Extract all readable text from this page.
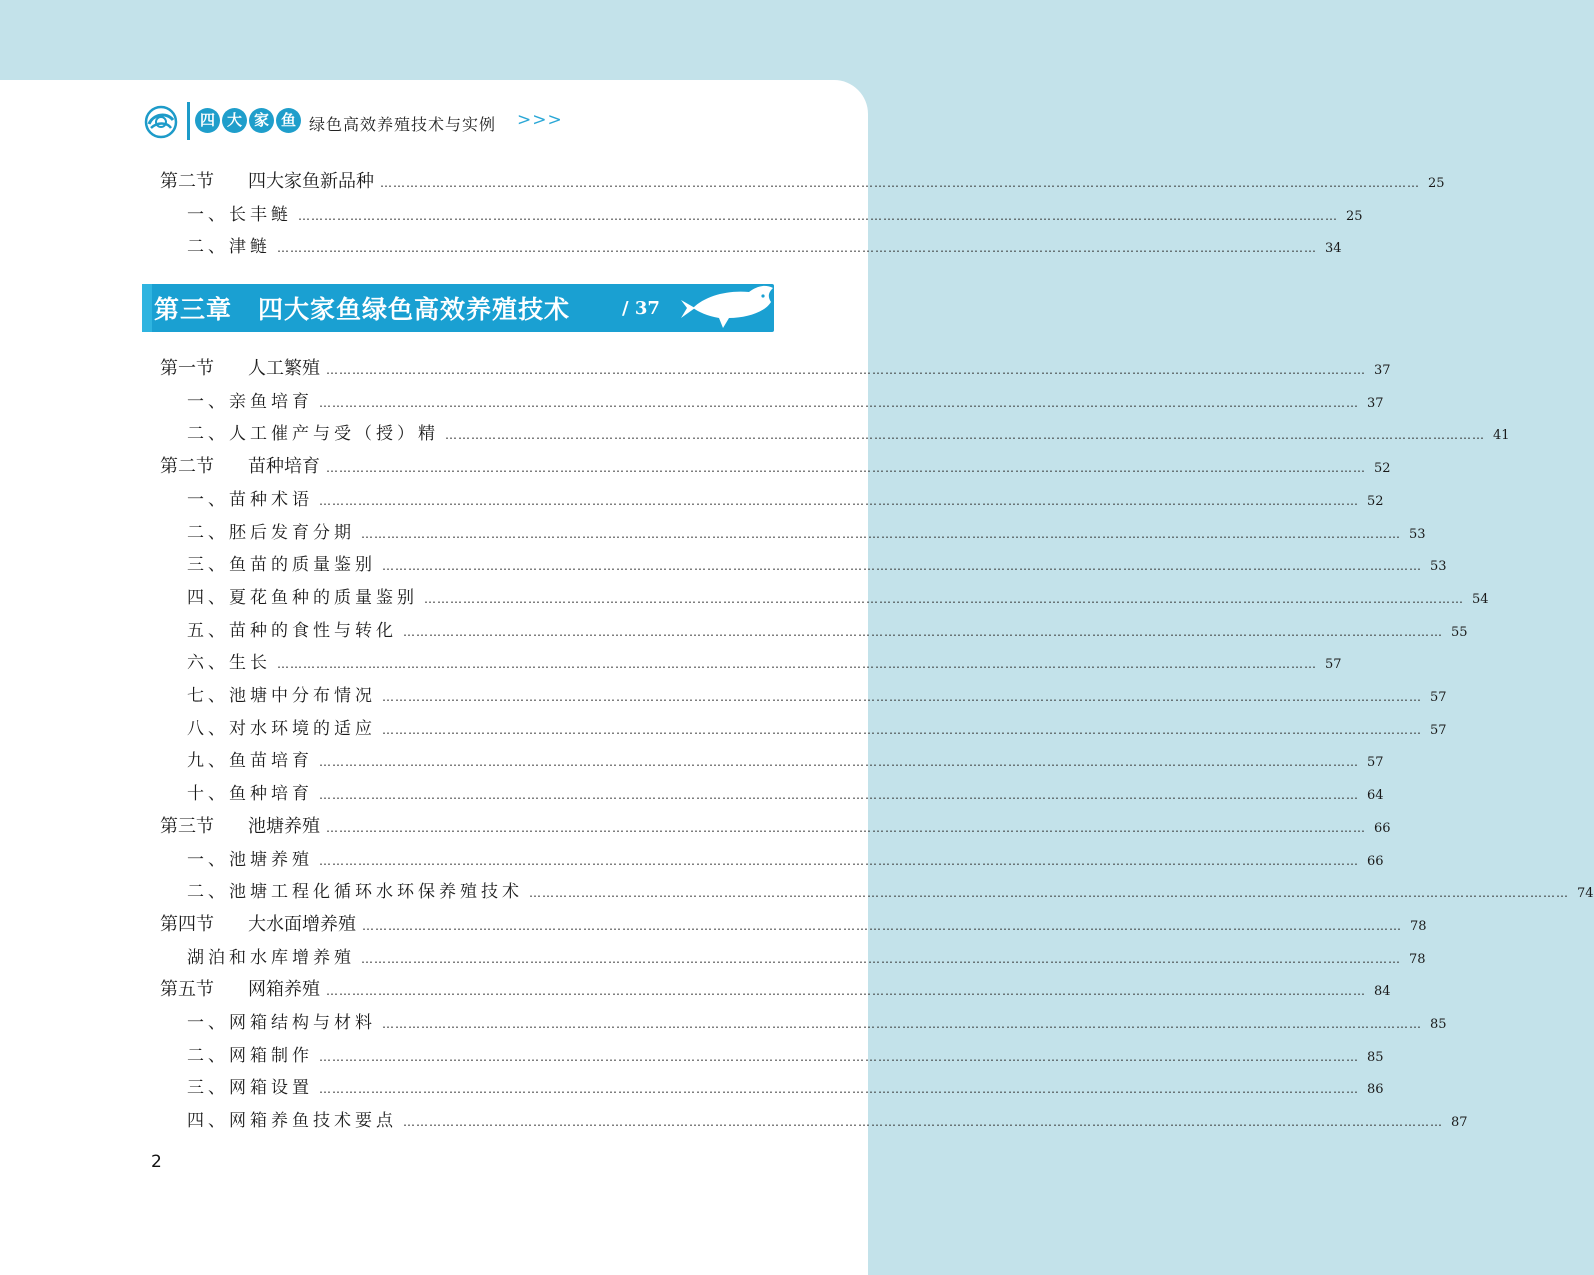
四 大 家 鱼 绿色高效养殖技术与实例 >>>
第二节 四大家鱼新品种 …………………………………………………………………………………………………………………………………………………………………………………………………………………… 25
一、长丰鲢 …………………………………………………………………………………………………………………………………………………………………………………………………………………… 25
二、津鲢 …………………………………………………………………………………………………………………………………………………………………………………………………………………… 34
第三章 四大家鱼绿色高效养殖技术	/ 37
第一节 人工繁殖 …………………………………………………………………………………………………………………………………………………………………………………………………………………… 37
一、亲鱼培育 …………………………………………………………………………………………………………………………………………………………………………………………………………………… 37
二、人工催产与受（授）精 …………………………………………………………………………………………………………………………………………………………………………………………………………………… 41
第二节 苗种培育 …………………………………………………………………………………………………………………………………………………………………………………………………………………… 52
一、苗种术语 …………………………………………………………………………………………………………………………………………………………………………………………………………………… 52
二、胚后发育分期 …………………………………………………………………………………………………………………………………………………………………………………………………………………… 53
三、鱼苗的质量鉴别 …………………………………………………………………………………………………………………………………………………………………………………………………………………… 53
四、夏花鱼种的质量鉴别 …………………………………………………………………………………………………………………………………………………………………………………………………………………… 54
五、苗种的食性与转化 …………………………………………………………………………………………………………………………………………………………………………………………………………………… 55
六、生长 …………………………………………………………………………………………………………………………………………………………………………………………………………………… 57
七、池塘中分布情况 …………………………………………………………………………………………………………………………………………………………………………………………………………………… 57
八、对水环境的适应 …………………………………………………………………………………………………………………………………………………………………………………………………………………… 57
九、鱼苗培育 …………………………………………………………………………………………………………………………………………………………………………………………………………………… 57
十、鱼种培育 …………………………………………………………………………………………………………………………………………………………………………………………………………………… 64
第三节 池塘养殖 …………………………………………………………………………………………………………………………………………………………………………………………………………………… 66
一、池塘养殖 …………………………………………………………………………………………………………………………………………………………………………………………………………………… 66
二、池塘工程化循环水环保养殖技术 …………………………………………………………………………………………………………………………………………………………………………………………………………………… 74
第四节 大水面增养殖 …………………………………………………………………………………………………………………………………………………………………………………………………………………… 78
湖泊和水库增养殖 …………………………………………………………………………………………………………………………………………………………………………………………………………………… 78
第五节 网箱养殖 …………………………………………………………………………………………………………………………………………………………………………………………………………………… 84
一、网箱结构与材料 …………………………………………………………………………………………………………………………………………………………………………………………………………………… 85
二、网箱制作 …………………………………………………………………………………………………………………………………………………………………………………………………………………… 85
三、网箱设置 …………………………………………………………………………………………………………………………………………………………………………………………………………………… 86
四、网箱养鱼技术要点 …………………………………………………………………………………………………………………………………………………………………………………………………………………… 87
2
